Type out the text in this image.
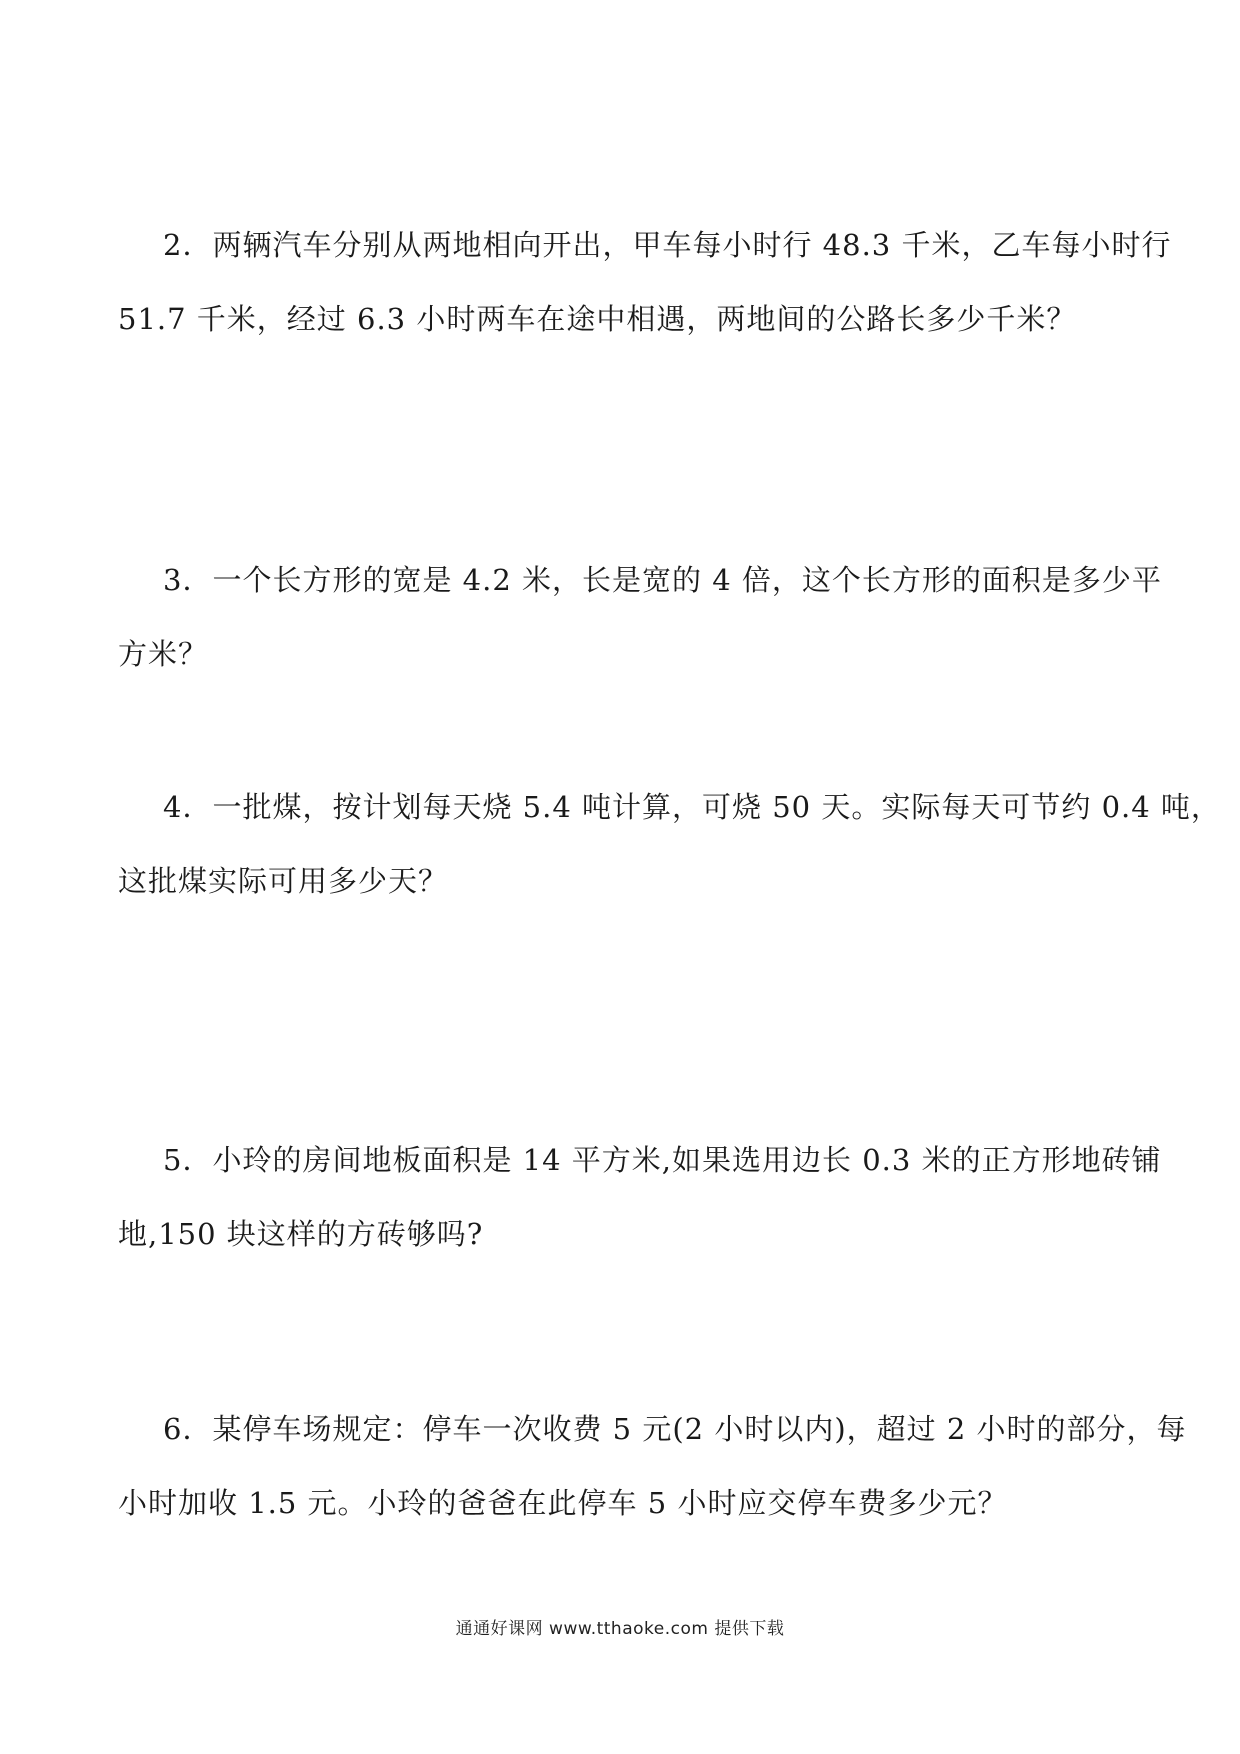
2．两辆汽车分别从两地相向开出，甲车每小时行 48.3 千米，乙车每小时行
51.7 千米，经过 6.3 小时两车在途中相遇，两地间的公路长多少千米？
3．一个长方形的宽是 4.2 米，长是宽的 4 倍，这个长方形的面积是多少平
方米？
4．一批煤，按计划每天烧 5.4 吨计算，可烧 50 天。实际每天可节约 0.4 吨，
这批煤实际可用多少天？
5．小玲的房间地板面积是 14 平方米,如果选用边长 0.3 米的正方形地砖铺
地,150 块这样的方砖够吗?
6．某停车场规定：停车一次收费 5 元(2 小时以内)，超过 2 小时的部分，每
小时加收 1.5 元。小玲的爸爸在此停车 5 小时应交停车费多少元？
通通好课网 www.tthaoke.com 提供下载
